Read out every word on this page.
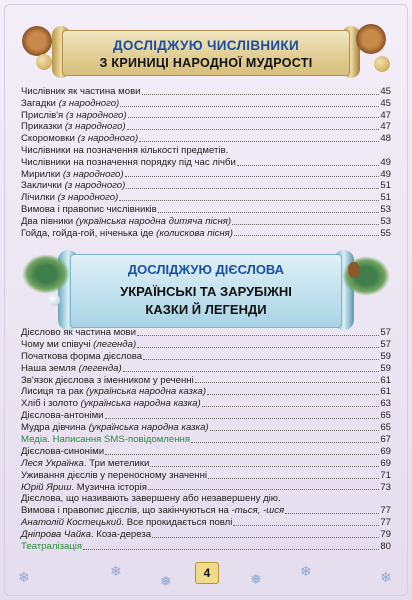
ДОСЛІДЖУЮ ЧИСЛІВНИКИ
З КРИНИЦІ НАРОДНОЇ МУДРОСТІ
Числівник як частина мови	45
Загадки (з народного)	45
Прислів'я (з народного)	47
Приказки (з народного)	47
Скоромовки (з народного)	48
Числівники на позначення кількості предметів.
Числівники на позначення порядку під час лічби	49
Мирилки (з народного)	49
Заклички (з народного)	51
Лічилки (з народного)	51
Вимова і правопис числівників	53
Два півники (українська народна дитяча пісня)	53
Гойда, гойда-гой, ніченька іде (колискова пісня)	55
ДОСЛІДЖУЮ ДІЄСЛОВА
УКРАЇНСЬКІ ТА ЗАРУБІЖНІ
КАЗКИ Й ЛЕГЕНДИ
Дієслово як частина мови	57
Чому ми співучі (легенда)	57
Початкова форма дієслова	59
Наша земля (легенда)	59
Зв'язок дієслова з іменником у реченні	61
Лисиця та рак (українська народна казка)	61
Хліб і золото (українська народна казка)	63
Дієслова-антоніми	65
Мудра дівчина (українська народна казка)	65
Медіа. Написання SMS-повідомлення	67
Дієслова-синоніми	69
Леся Українка. Три метелики	69
Уживання дієслів у переносному значенні	71
Юрій Яриш. Музична історія	73
Дієслова, що називають завершену або незавершену дію.
Вимова і правопис дієслів, що закінчуються на -ться, -шся	77
Анатолій Костецький. Все прокидається повлі	77
Дніпрова Чайка. Коза-дереза	79
Театралізація	80
❄	❄
❅	❅	❄	❄
4
